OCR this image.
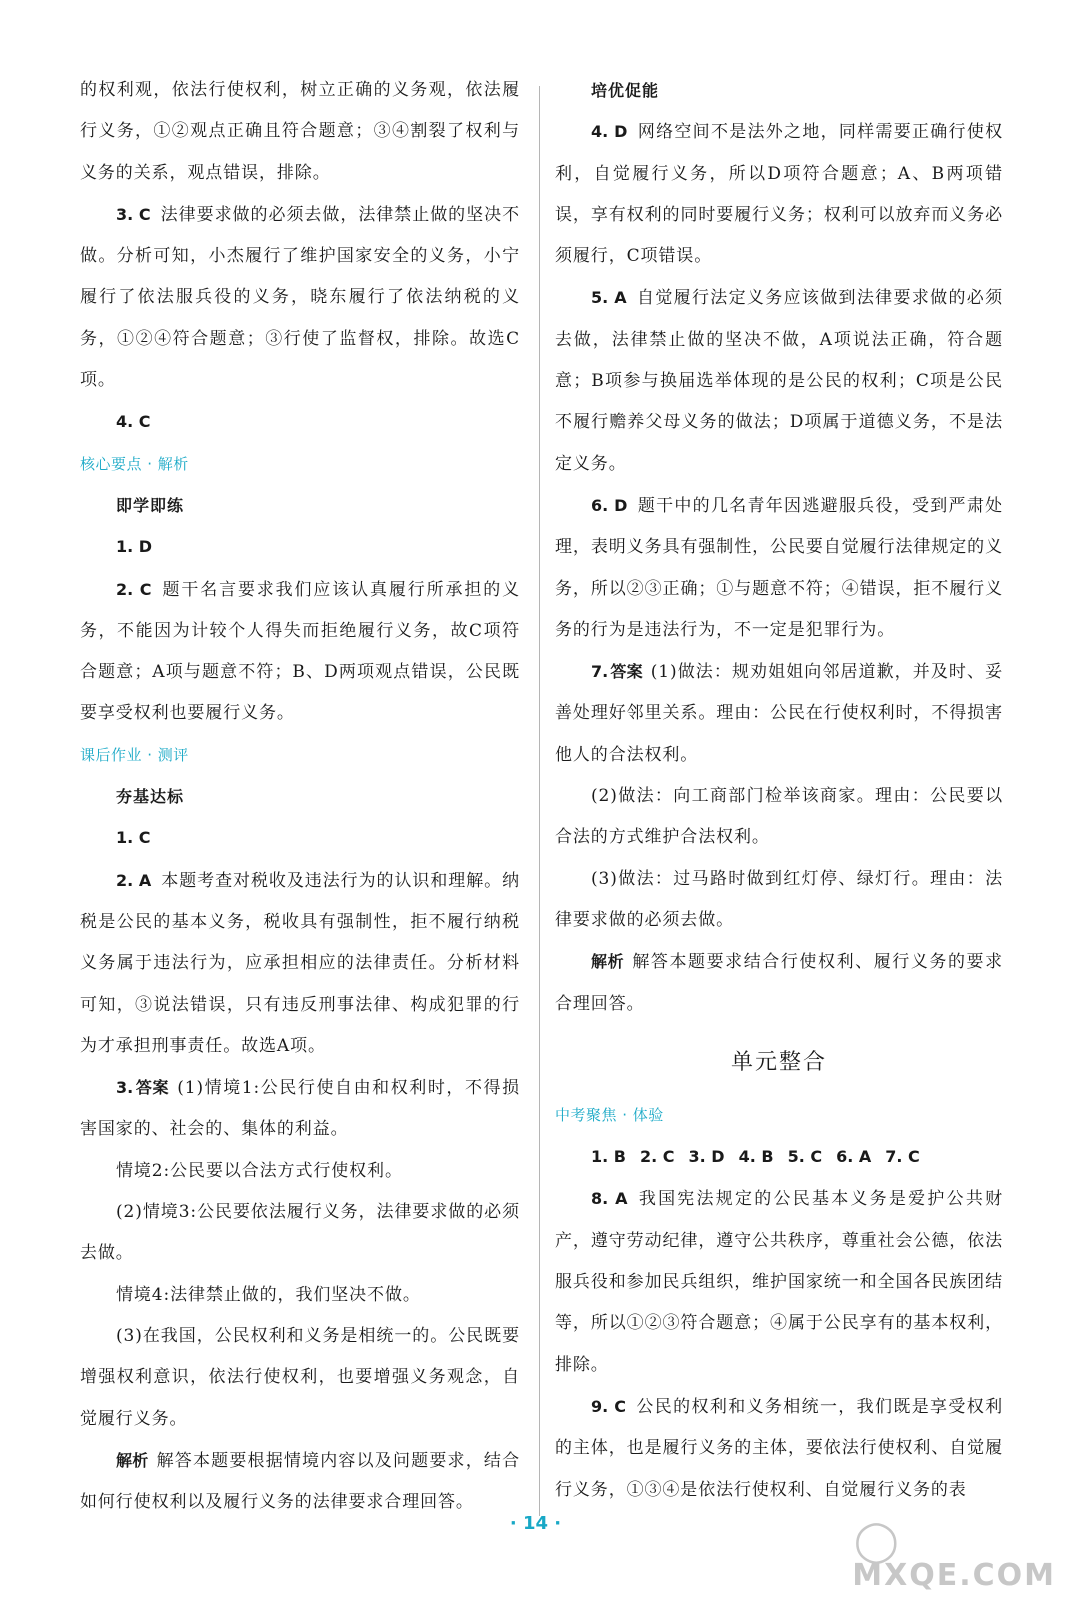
的权利观，依法行使权利，树立正确的义务观，依法履行义务，①②观点正确且符合题意；③④割裂了权利与义务的关系，观点错误，排除。

3. C 法律要求做的必须去做，法律禁止做的坚决不做。分析可知，小杰履行了维护国家安全的义务，小宁履行了依法服兵役的义务，晓东履行了依法纳税的义务，①②④符合题意；③行使了监督权，排除。故选C项。

4. C

核心要点 · 解析
即学即练

1. D

2. C 题干名言要求我们应该认真履行所承担的义务，不能因为计较个人得失而拒绝履行义务，故C项符合题意；A项与题意不符；B、D两项观点错误，公民既要享受权利也要履行义务。

课后作业 · 测评
夯基达标

1. C

2. A 本题考查对税收及违法行为的认识和理解。纳税是公民的基本义务，税收具有强制性，拒不履行纳税义务属于违法行为，应承担相应的法律责任。分析材料可知，③说法错误，只有违反刑事法律、构成犯罪的行为才承担刑事责任。故选A项。

3. 答案 (1)情境1:公民行使自由和权利时，不得损害国家的、社会的、集体的利益。

情境2:公民要以合法方式行使权利。

(2)情境3:公民要依法履行义务，法律要求做的必须去做。

情境4:法律禁止做的，我们坚决不做。

(3)在我国，公民权利和义务是相统一的。公民既要增强权利意识，依法行使权利，也要增强义务观念，自觉履行义务。

解析 解答本题要根据情境内容以及问题要求，结合如何行使权利以及履行义务的法律要求合理回答。

培优促能

4. D 网络空间不是法外之地，同样需要正确行使权利，自觉履行义务，所以D项符合题意；A、B两项错误，享有权利的同时要履行义务；权利可以放弃而义务必须履行，C项错误。

5. A 自觉履行法定义务应该做到法律要求做的必须去做，法律禁止做的坚决不做，A项说法正确，符合题意；B项参与换届选举体现的是公民的权利；C项是公民不履行赡养父母义务的做法；D项属于道德义务，不是法定义务。

6. D 题干中的几名青年因逃避服兵役，受到严肃处理，表明义务具有强制性，公民要自觉履行法律规定的义务，所以②③正确；①与题意不符；④错误，拒不履行义务的行为是违法行为，不一定是犯罪行为。

7. 答案 (1)做法：规劝姐姐向邻居道歉，并及时、妥善处理好邻里关系。理由：公民在行使权利时，不得损害他人的合法权利。

(2)做法：向工商部门检举该商家。理由：公民要以合法的方式维护合法权利。

(3)做法：过马路时做到红灯停、绿灯行。理由：法律要求做的必须去做。

解析 解答本题要求结合行使权利、履行义务的要求合理回答。

单元整合
中考聚焦 · 体验

1. B 2. C 3. D 4. B 5. C 6. A 7. C

8. A 我国宪法规定的公民基本义务是爱护公共财产，遵守劳动纪律，遵守公共秩序，尊重社会公德，依法服兵役和参加民兵组织，维护国家统一和全国各民族团结等，所以①②③符合题意；④属于公民享有的基本权利，排除。

9. C 公民的权利和义务相统一，我们既是享受权利的主体，也是履行义务的主体，要依法行使权利、自觉履行义务，①③④是依法行使权利、自觉履行义务的表

· 14 ·	◯
MXQE.COM
